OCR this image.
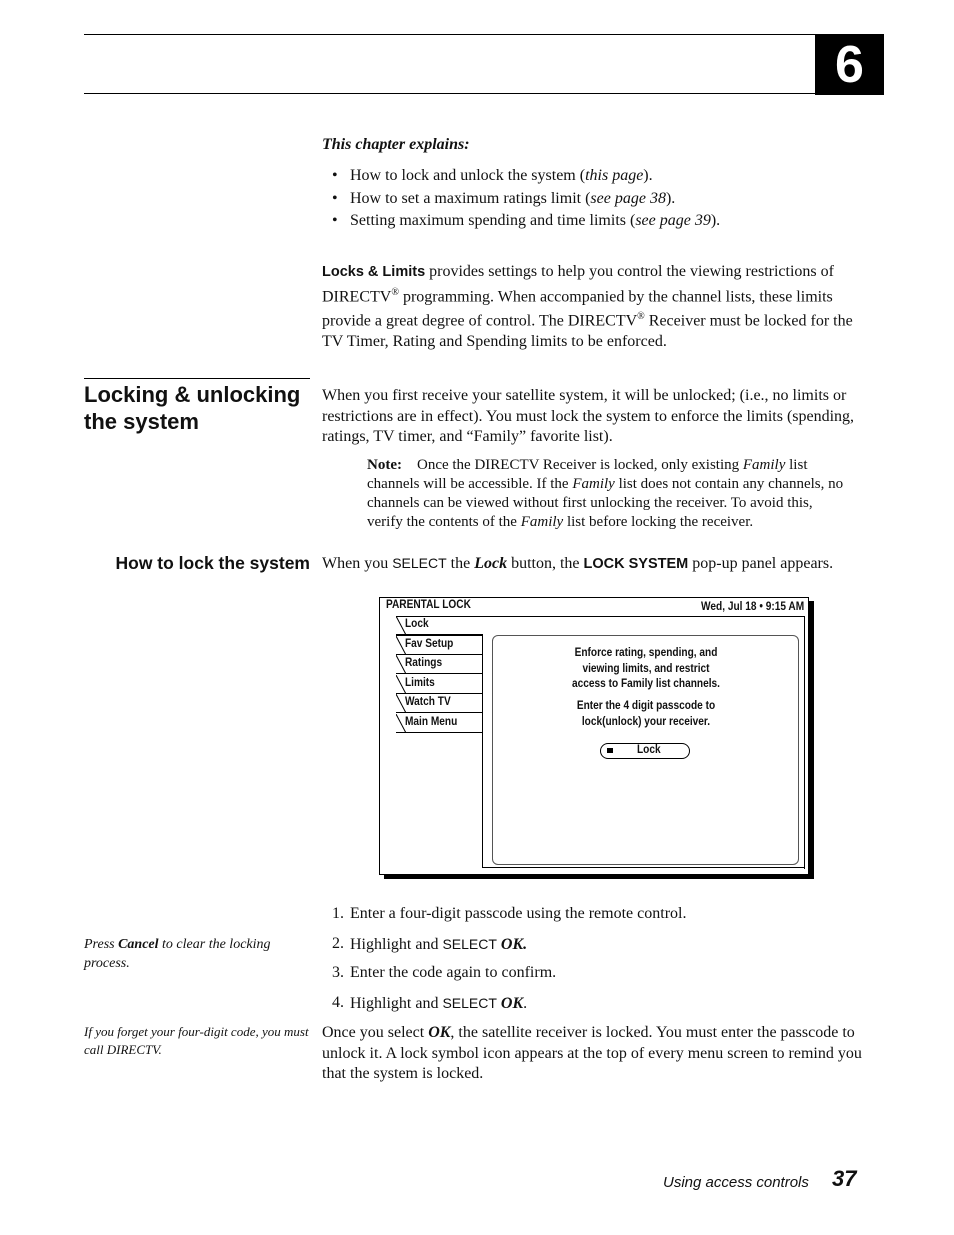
6
This chapter explains:
• How to lock and unlock the system (this page).
• How to set a maximum ratings limit (see page 38).
• Setting maximum spending and time limits (see page 39).
Locks & Limits provides settings to help you control the viewing restrictions of DIRECTV® programming. When accompanied by the channel lists, these limits provide a great degree of control. The DIRECTV® Receiver must be locked for the TV Timer, Rating and Spending limits to be enforced.
Locking & unlocking the system
When you first receive your satellite system, it will be unlocked; (i.e., no limits or restrictions are in effect). You must lock the system to enforce the limits (spending, ratings, TV timer, and “Family” favorite list).
Note: Once the DIRECTV Receiver is locked, only existing Family list channels will be accessible. If the Family list does not contain any channels, no channels can be viewed without first unlocking the receiver. To avoid this, verify the contents of the Family list before locking the receiver.
How to lock the system When you SELECT the Lock button, the LOCK SYSTEM pop-up panel appears.
PARENTAL LOCK	Wed, Jul 18 • 9:15 AM
Lock
Fav Setup
Ratings
Limits
Watch TV
Main Menu
Enforce rating, spending, and
viewing limits, and restrict
access to Family list channels.
Enter the 4 digit passcode to
lock(unlock) your receiver.
Lock
1. Enter a four-digit passcode using the remote control.
2. Highlight and SELECT OK.
3. Enter the code again to confirm.
4. Highlight and SELECT OK.
Press Cancel to clear the locking process.
If you forget your four-digit code, you must call DIRECTV.
Once you select OK, the satellite receiver is locked. You must enter the passcode to unlock it. A lock symbol icon appears at the top of every menu screen to remind you that the system is locked.
Using access controls 37
